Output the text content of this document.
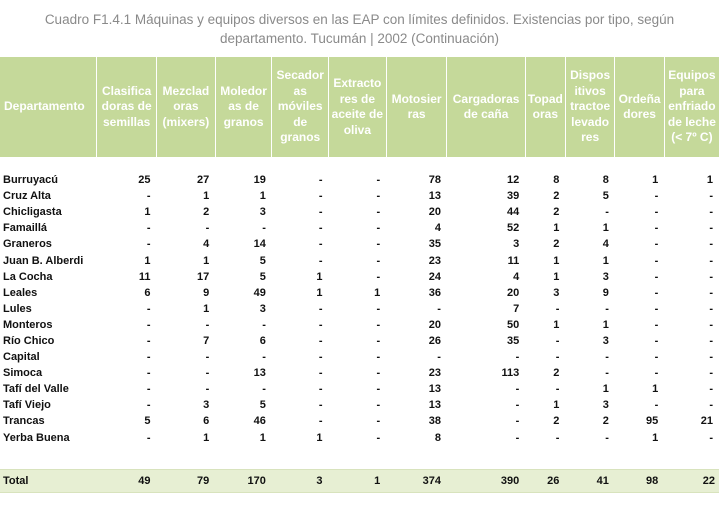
Cuadro F1.4.1 Máquinas y equipos diversos en las EAP con límites definidos. Existencias por tipo, según
departamento. Tucumán | 2002 (Continuación)
Departamento	Clasifica doras de semillas	Mezclad oras (mixers)	Moledor as de granos	Secador as móviles de granos	Extracto res de aceite de oliva	Motosier ras	Cargadoras de caña	Topad oras	Dispos itivos tractoe levado res	Ordeña dores	Equipos para enfriado de leche (< 7º C)

Burruyacú	25	27	19	-	-	78	12	8	8	1	1
Cruz Alta	-	1	1	-	-	13	39	2	5	-	-
Chicligasta	1	2	3	-	-	20	44	2	-	-	-
Famaillá	-	-	-	-	-	4	52	1	1	-	-
Graneros	-	4	14	-	-	35	3	2	4	-	-
Juan B. Alberdi	1	1	5	-	-	23	11	1	1	-	-
La Cocha	11	17	5	1	-	24	4	1	3	-	-
Leales	6	9	49	1	1	36	20	3	9	-	-
Lules	-	1	3	-	-	-	7	-	-	-	-
Monteros	-	-	-	-	-	20	50	1	1	-	-
Río Chico	-	7	6	-	-	26	35	-	3	-	-
Capital	-	-	-	-	-	-	-	-	-	-	-
Simoca	-	-	13	-	-	23	113	2	-	-	-
Tafí del Valle	-	-	-	-	-	13	-	-	1	1	-
Tafí Viejo	-	3	5	-	-	13	-	1	3	-	-
Trancas	5	6	46	-	-	38	-	2	2	95	21
Yerba Buena	-	1	1	1	-	8	-	-	-	1	-

Total	49	79	170	3	1	374	390	26	41	98	22
